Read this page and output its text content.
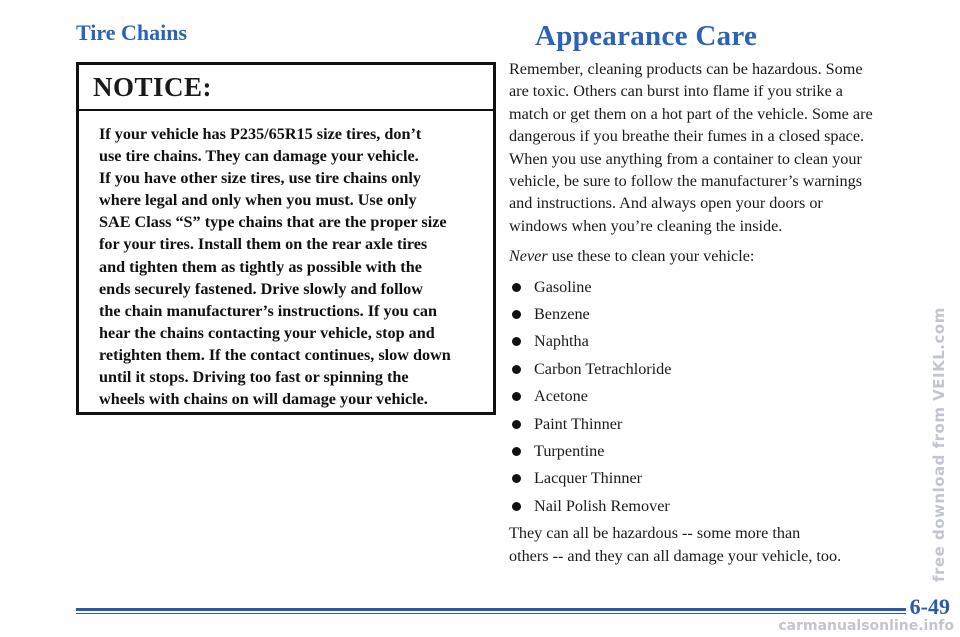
Tire Chains
NOTICE:
If your vehicle has P235/65R15 size tires, don’t
use tire chains. They can damage your vehicle.
If you have other size tires, use tire chains only
where legal and only when you must. Use only
SAE Class “S” type chains that are the proper size
for your tires. Install them on the rear axle tires
and tighten them as tightly as possible with the
ends securely fastened. Drive slowly and follow
the chain manufacturer’s instructions. If you can
hear the chains contacting your vehicle, stop and
retighten them. If the contact continues, slow down
until it stops. Driving too fast or spinning the
wheels with chains on will damage your vehicle.
Appearance Care
Remember, cleaning products can be hazardous. Some
are toxic. Others can burst into flame if you strike a
match or get them on a hot part of the vehicle. Some are
dangerous if you breathe their fumes in a closed space.
When you use anything from a container to clean your
vehicle, be sure to follow the manufacturer’s warnings
and instructions. And always open your doors or
windows when you’re cleaning the inside.
Never use these to clean your vehicle:
Gasoline
Benzene
Naphtha
Carbon Tetrachloride
Acetone
Paint Thinner
Turpentine
Lacquer Thinner
Nail Polish Remover
They can all be hazardous -- some more than
others -- and they can all damage your vehicle, too.
6-49
free download from VEIKL.com
carmanualsonline.info
